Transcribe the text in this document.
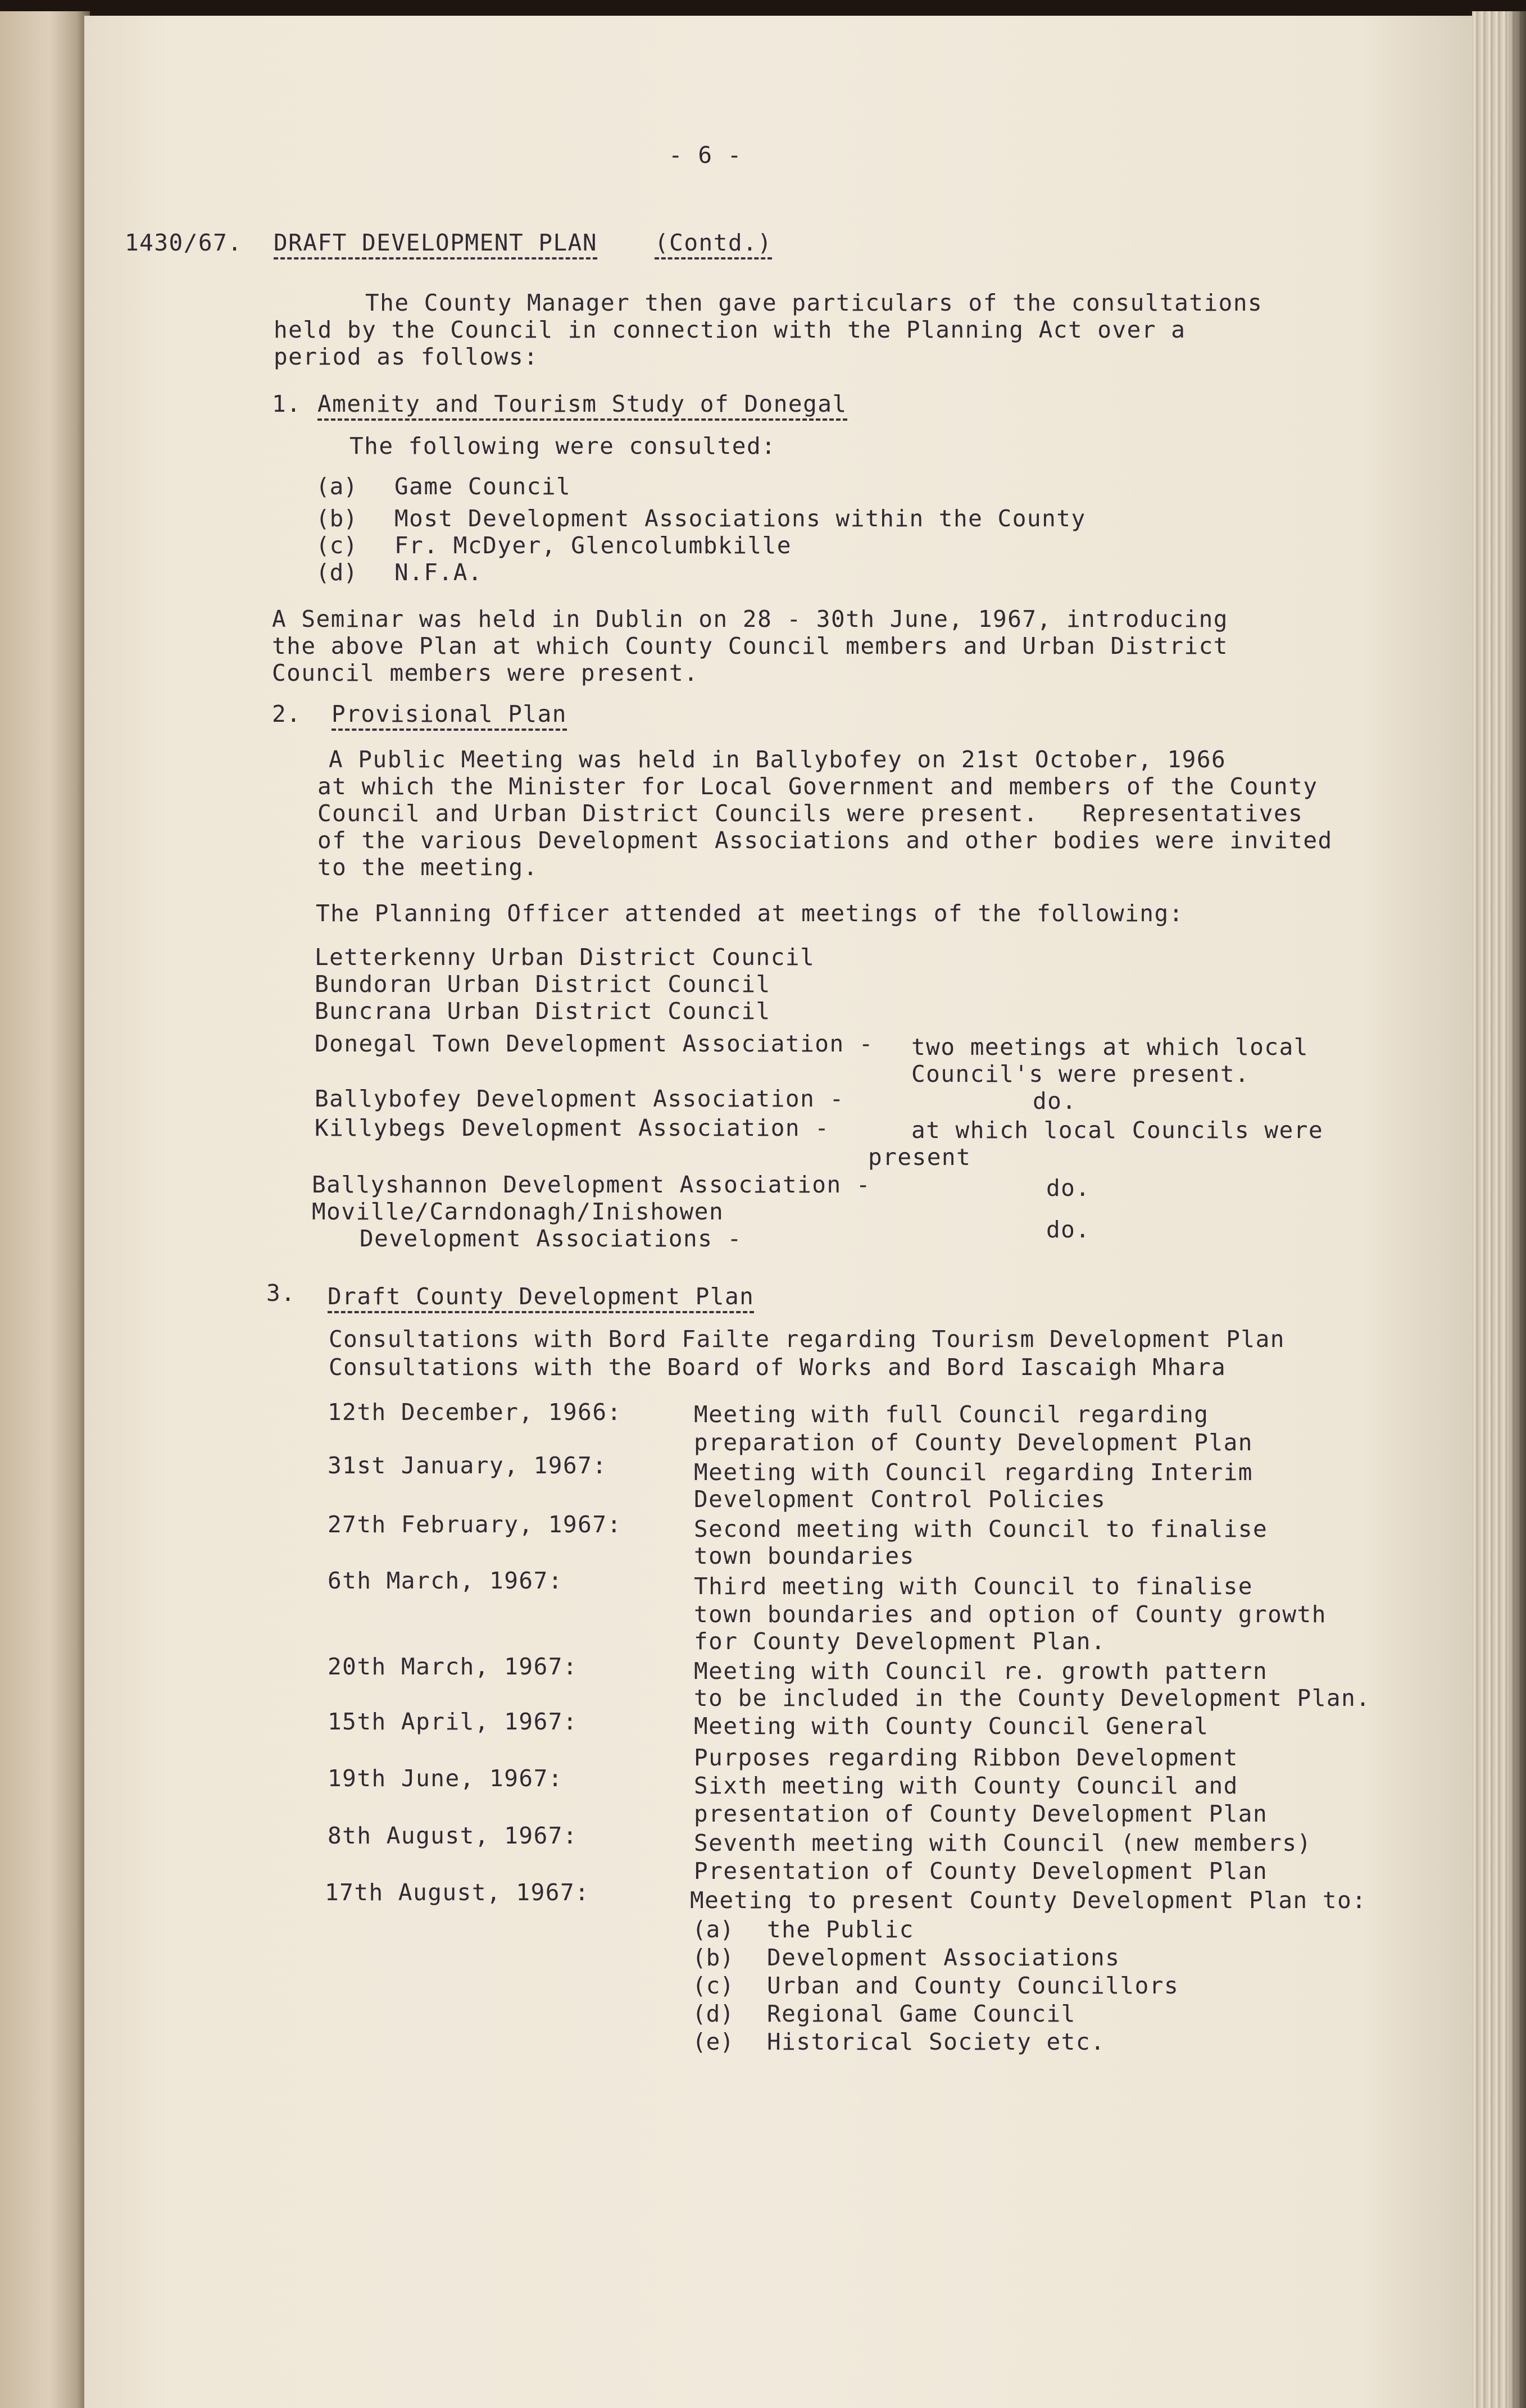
- 6 -
1430/67. DRAFT DEVELOPMENT PLAN (Contd.)
The County Manager then gave particulars of the consultations
held by the Council in connection with the Planning Act over a
period as follows:
1. Amenity and Tourism Study of Donegal
The following were consulted:
(a) Game Council
(b) Most Development Associations within the County
(c) Fr. McDyer, Glencolumbkille
(d) N.F.A.
A Seminar was held in Dublin on 28 - 30th June, 1967, introducing
the above Plan at which County Council members and Urban District
Council members were present.
2. Provisional Plan
A Public Meeting was held in Ballybofey on 21st October, 1966
at which the Minister for Local Government and members of the County
Council and Urban District Councils were present.   Representatives
of the various Development Associations and other bodies were invited
to the meeting.
The Planning Officer attended at meetings of the following:
Letterkenny Urban District Council
Bundoran Urban District Council
Buncrana Urban District Council
Donegal Town Development Association - two meetings at which local
Council's were present.
Ballybofey Development Association -	do.
Killybegs Development Association -	at which local Councils were
present
Ballyshannon Development Association -	do.
Moville/Carndonagh/Inishowen
Development Associations -	do.
3. Draft County Development Plan
Consultations with Bord Failte regarding Tourism Development Plan
Consultations with the Board of Works and Bord Iascaigh Mhara
12th December, 1966:	Meeting with full Council regarding
preparation of County Development Plan
31st January, 1967:	Meeting with Council regarding Interim
Development Control Policies
27th February, 1967:	Second meeting with Council to finalise
town boundaries
6th March, 1967:	Third meeting with Council to finalise
town boundaries and option of County growth
for County Development Plan.
20th March, 1967:	Meeting with Council re. growth pattern
to be included in the County Development Plan.
15th April, 1967:	Meeting with County Council General
Purposes regarding Ribbon Development
19th June, 1967:	Sixth meeting with County Council and
presentation of County Development Plan
8th August, 1967:	Seventh meeting with Council (new members)
Presentation of County Development Plan
17th August, 1967:	Meeting to present County Development Plan to:
(a) the Public
(b) Development Associations
(c) Urban and County Councillors
(d) Regional Game Council
(e) Historical Society etc.
